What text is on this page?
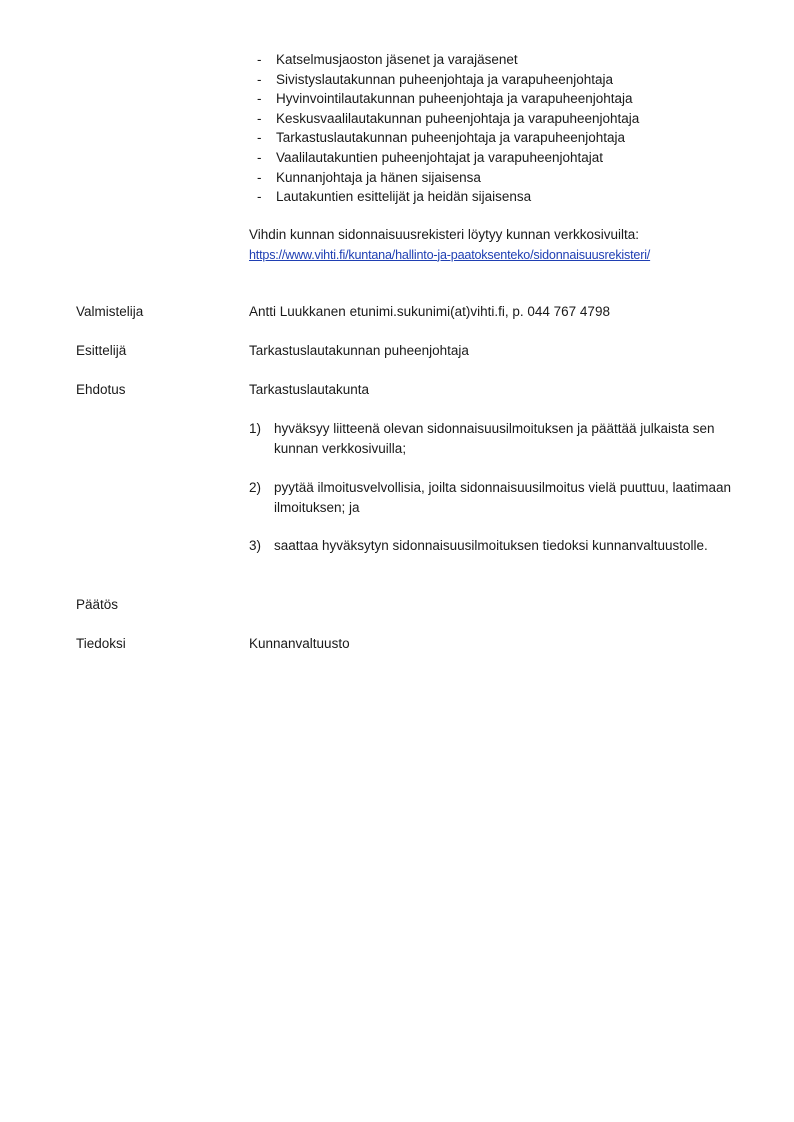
- Katselmusjaoston jäsenet ja varajäsenet
- Sivistyslautakunnan puheenjohtaja ja varapuheenjohtaja
- Hyvinvointilautakunnan puheenjohtaja ja varapuheenjohtaja
- Keskusvaalilautakunnan puheenjohtaja ja varapuheenjohtaja
- Tarkastuslautakunnan puheenjohtaja ja varapuheenjohtaja
- Vaalilautakuntien puheenjohtajat ja varapuheenjohtajat
- Kunnanjohtaja ja hänen sijaisensa
- Lautakuntien esittelijät ja heidän sijaisensa
Vihdin kunnan sidonnaisuusrekisteri löytyy kunnan verkkosivuilta:
https://www.vihti.fi/kuntana/hallinto-ja-paatoksenteko/sidonnaisuusrekisteri/
Valmistelija	Antti Luukkanen etunimi.sukunimi(at)vihti.fi, p. 044 767 4798
Esittelijä	Tarkastuslautakunnan puheenjohtaja
Ehdotus	Tarkastuslautakunta
1) hyväksyy liitteenä olevan sidonnaisuusilmoituksen ja päättää julkaista sen kunnan verkkosivuilla;
2) pyytää ilmoitusvelvollisia, joilta sidonnaisuusilmoitus vielä puuttuu, laatimaan ilmoituksen; ja
3) saattaa hyväksytyn sidonnaisuusilmoituksen tiedoksi kunnanvaltuustolle.
Päätös
Tiedoksi	Kunnanvaltuusto
